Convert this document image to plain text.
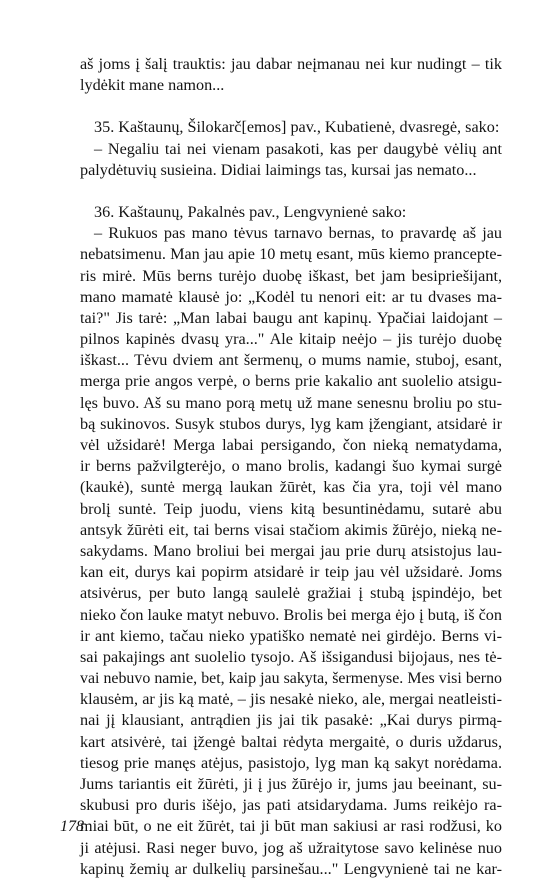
aš joms į šalį trauktis: jau dabar neįmanau nei kur nudingt – tik
lydėkit mane namon...
35. Kaštaunų, Šilokarč[emos] pav., Kubatienė, dvasregė, sako:
– Negaliu tai nei vienam pasakoti, kas per daugybė vėlių ant
palydėtuvių susieina. Didiai laimings tas, kursai jas nemato...
36. Kaštaunų, Pakalnės pav., Lengvynienė sako:
– Rukuos pas mano tėvus tarnavo bernas, to pravardę aš jau
nebatsimenu. Man jau apie 10 metų esant, mūs kiemo prancepte-
ris mirė. Mūs berns turėjo duobę iškast, bet jam besipriešijant,
mano mamatė klausė jo: „Kodėl tu nenori eit: ar tu dvases ma-
tai?" Jis tarė: „Man labai baugu ant kapinų. Ypačiai laidojant –
pilnos kapinės dvasų yra..." Ale kitaip neėjo – jis turėjo duobę
iškast... Tėvu dviem ant šermenų, o mums namie, stuboj, esant,
merga prie angos verpė, o berns prie kakalio ant suolelio atsigu-
lęs buvo. Aš su mano porą metų už mane senesnu broliu po stu-
bą sukinovos. Susyk stubos durys, lyg kam įžengiant, atsidarė ir
vėl užsidarė! Merga labai persigando, čon nieką nematydama,
ir berns pažvilgterėjo, o mano brolis, kadangi šuo kymai surgė
(kaukė), suntė mergą laukan žūrėt, kas čia yra, toji vėl mano
brolį suntė. Teip juodu, viens kitą besuntinėdamu, sutarė abu
antsyk žūrėti eit, tai berns visai stačiom akimis žūrėjo, nieką ne-
sakydams. Mano broliui bei mergai jau prie durų atsistojus lau-
kan eit, durys kai popirm atsidarė ir teip jau vėl užsidarė. Joms
atsivėrus, per buto langą saulelė gražiai į stubą įspindėjo, bet
nieko čon lauke matyt nebuvo. Brolis bei merga ėjo į butą, iš čon
ir ant kiemo, tačau nieko ypatiško nematė nei girdėjo. Berns vi-
sai pakajings ant suolelio tysojo. Aš išsigandusi bijojaus, nes tė-
vai nebuvo namie, bet, kaip jau sakyta, šermenyse. Mes visi berno
klausėm, ar jis ką matė, – jis nesakė nieko, ale, mergai neatleisti-
nai jį klausiant, antrądien jis jai tik pasakė: „Kai durys pirmą-
kart atsivėrė, tai įžengė baltai rėdyta mergaitė, o duris uždarus,
tiesog prie manęs atėjus, pasistojo, lyg man ką sakyt norėdama.
Jums tariantis eit žūrėti, ji į jus žūrėjo ir, jums jau beeinant, su-
skubusi pro duris išėjo, jas pati atsidarydama. Jums reikėjo ra-
miai būt, o ne eit žūrėt, tai ji būt man sakiusi ar rasi rodžusi, ko
ji atėjusi. Rasi neger buvo, jog aš užraitytose savo kelinėse nuo
kapinų žemių ar dulkelių parsinešau..." Lengvynienė tai ne kar-
178
